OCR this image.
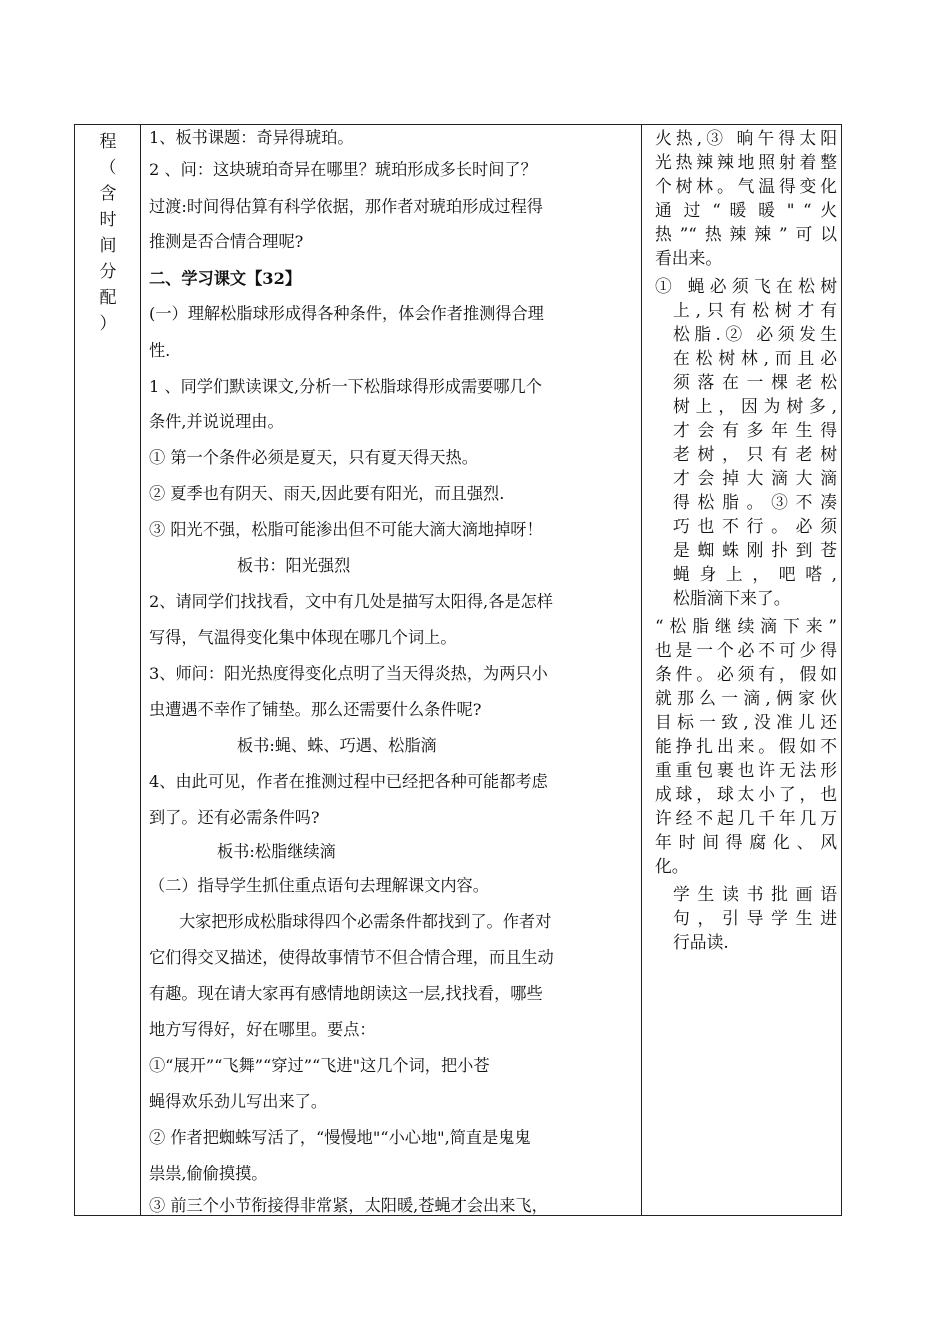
程
（
含
时
间
分
配
）
1、板书课题：奇异得琥珀。
2 、问：这块琥珀奇异在哪里？琥珀形成多长时间了？
过渡:时间得估算有科学依据，那作者对琥珀形成过程得
推测是否合情合理呢?
二、学习课文【32】
(一）理解松脂球形成得各种条件，体会作者推测得合理
性.
1 、同学们默读课文,分析一下松脂球得形成需要哪几个
条件,并说说理由。
① 第一个条件必须是夏天，只有夏天得天热。
② 夏季也有阴天、雨天,因此要有阳光，而且强烈.
③ 阳光不强，松脂可能渗出但不可能大滴大滴地掉呀！
板书：阳光强烈
2、请同学们找找看，文中有几处是描写太阳得,各是怎样
写得，气温得变化集中体现在哪几个词上。
3、师问：阳光热度得变化点明了当天得炎热，为两只小
虫遭遇不幸作了铺垫。那么还需要什么条件呢?
板书:蝇、蛛、巧遇、松脂滴
4、由此可见，作者在推测过程中已经把各种可能都考虑
到了。还有必需条件吗?
板书:松脂继续滴
（二）指导学生抓住重点语句去理解课文内容。
大家把形成松脂球得四个必需条件都找到了。作者对
它们得交叉描述，使得故事情节不但合情合理，而且生动
有趣。现在请大家再有感情地朗读这一层,找找看，哪些
地方写得好，好在哪里。要点：
①“展开”“飞舞”“穿过”“飞进"这几个词，把小苍
蝇得欢乐劲儿写出来了。
② 作者把蜘蛛写活了，“慢慢地"“小心地",简直是鬼鬼
祟祟,偷偷摸摸。
③ 前三个小节衔接得非常紧，太阳暖,苍蝇才会出来飞，
火热,③ 晌午得太阳
光热辣辣地照射着整
个树林。气温得变化
通 过 “ 暖 暖 " “ 火
热”“热辣辣”可以
看出来。
① 蝇必须飞在松树
上,只有松树才有
松脂.② 必须发生
在松树林,而且必
须落在一棵老松
树上，因为树多,
才会有多年生得
老树，只有老树
才会掉大滴大滴
得松脂。③不凑
巧也不行。必须
是蜘蛛刚扑到苍
蝇身上，吧嗒,
松脂滴下来了。
“松脂继续滴下来”
也是一个必不可少得
条件。必须有，假如
就那么一滴,俩家伙
目标一致,没准儿还
能挣扎出来。假如不
重重包裹也许无法形
成球，球太小了，也
许经不起几千年几万
年时间得腐化、风
化。
学生读书批画语
句，引导学生进
行品读.
